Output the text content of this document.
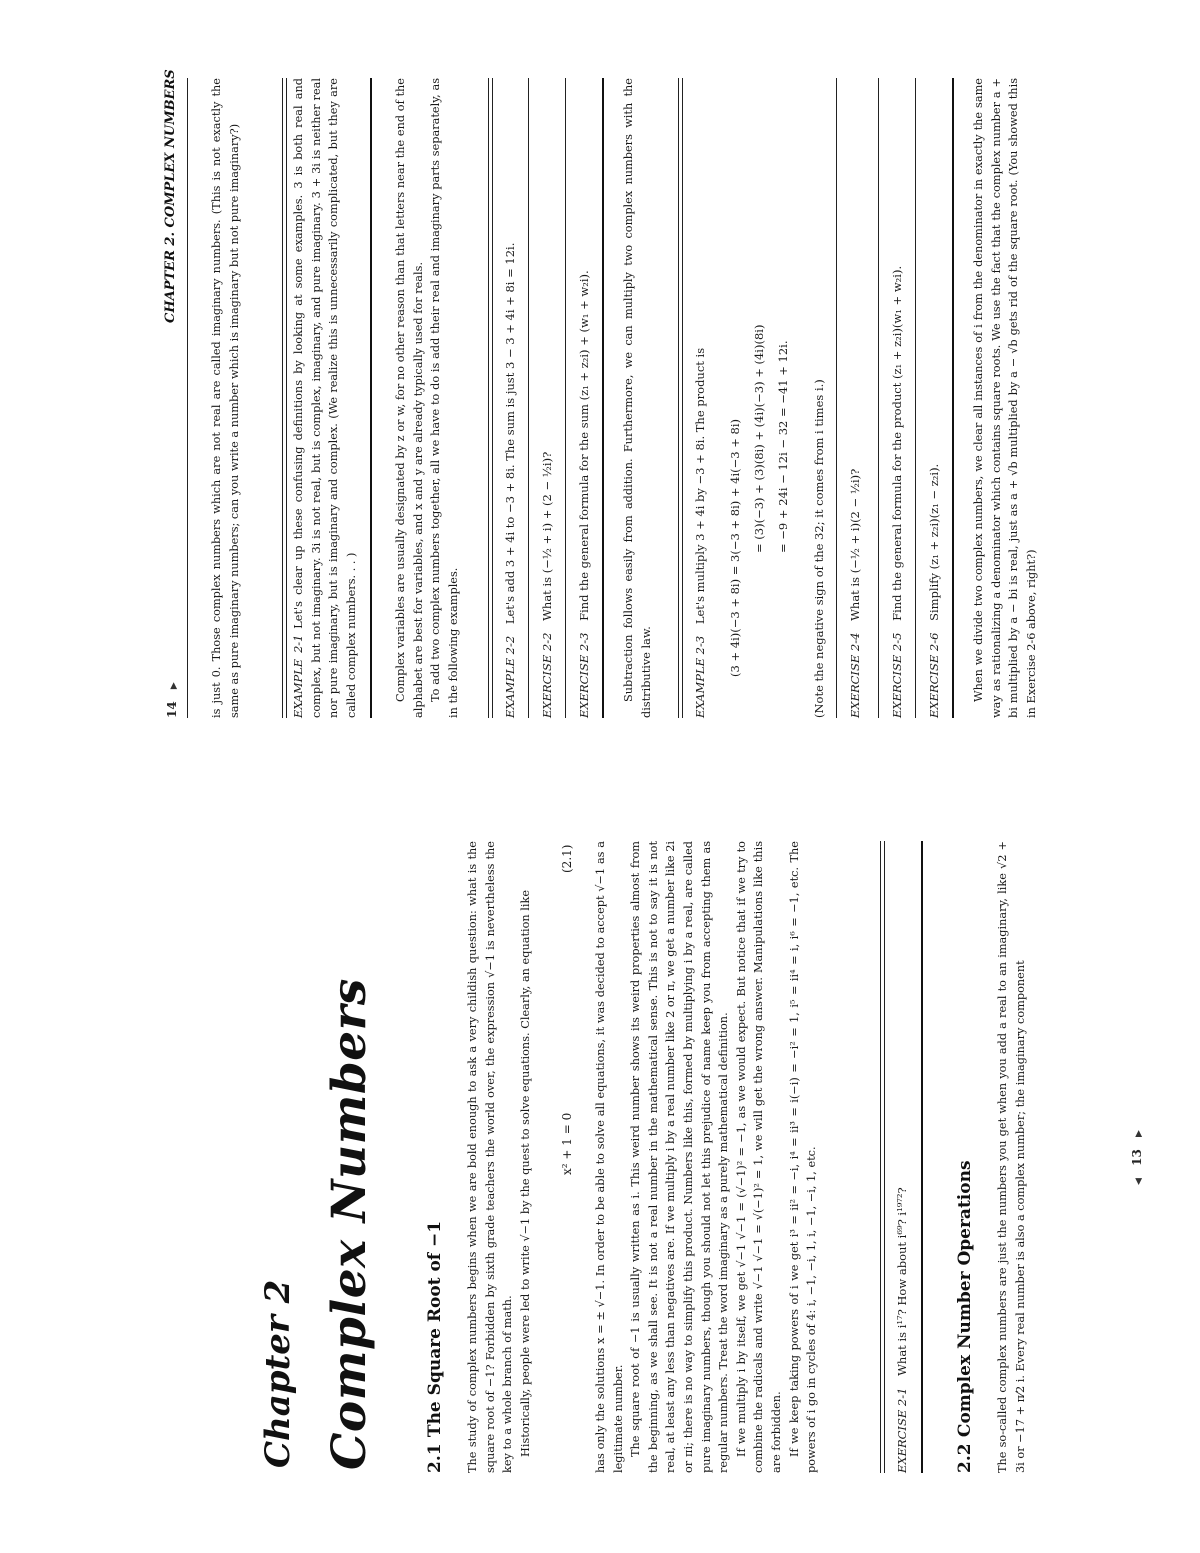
Chapter 2 Complex Numbers	2.1 The Square Root of −1 The study of complex numbers begins when we are bold enough to ask a very childish question: what is the square root of −1? Forbidden by sixth grade teachers the world over, the expression √−1 is nevertheless the key to a whole branch of math. Historically, people were led to write √−1 by the quest to solve equations. Clearly, an equation like x² + 1 = 0
(2.1) has only the solutions x = ± √−1. In order to be able to solve all equations, it was decided to accept √−1 as a legitimate number. The square root of −1 is usually written as i. This weird number shows its weird properties almost from the beginning, as we shall see. It is not a real number in the mathematical sense. This is not to say it is not real, at least any less than negatives are. If we multiply i by a real number like 2 or π, we get a number like 2i or πi; there is no way to simplify this product. Numbers like this, formed by multiplying i by a real, are called pure imaginary numbers, though you should not let this prejudice of name keep you from accepting them as regular numbers. Treat the word imaginary as a purely mathematical definition. If we multiply i by itself, we get √−1 √−1 = (√−1)² = −1, as we would expect. But notice that if we try to combine the radicals and write √−1 √−1 = √(−1)² = 1, we will get the wrong answer. Manipulations like this are forbidden. If we keep taking powers of i we get i³ = ii² = −i, i⁴ = ii³ = i(−i) = −i² = 1, i⁵ = ii⁴ = i, i⁶ = −1, etc. The powers of i go in cycles of 4: i, −1, −i, 1, i, −1, −i, 1, etc.	EXERCISE 2-1 What is i¹⁷? How about i⁶⁹? i¹⁹⁷²?
2.2 Complex Number Operations The so-called complex numbers are just the numbers you get when you add a real to an imaginary, like √2 + 3i or −17 + π⁄2 i. Every real number is also a complex number; the imaginary component	◀ 13 ▶
14 ▶
CHAPTER 2. COMPLEX NUMBERS	is just 0. Those complex numbers which are not real are called imaginary numbers. (This is not exactly the same as pure imaginary numbers; can you write a number which is imaginary but not pure imaginary?)	EXAMPLE 2-1Let's clear up these confusing definitions by looking at some examples. 3 is both real and complex, but not imaginary. 3i is not real, but is complex, imaginary, and pure imaginary. 3 + 3i is neither real nor pure imaginary, but is imaginary and complex. (We realize this is unnecessarily complicated, but they are called complex numbers. . . )	Complex variables are usually designated by z or w, for no other reason than that letters near the end of the alphabet are best for variables, and x and y are already typically used for reals. To add two complex numbers together, all we have to do is add their real and imaginary parts separately, as in the following examples.	EXAMPLE 2-2 Let's add 3 + 4i to −3 + 8i. The sum is just 3 − 3 + 4i + 8i = 12i.
EXERCISE 2-2 What is (−½ + i) + (2 − ½i)?
EXERCISE 2-3 Find the general formula for the sum (z₁ + z₂i) + (w₁ + w₂i).	Subtraction follows easily from addition. Furthermore, we can multiply two complex numbers with the distributive law.	EXAMPLE 2-3 Let's multiply 3 + 4i by −3 + 8i. The product is (3 + 4i)(−3 + 8i) = 3(−3 + 8i) + 4i(−3 + 8i) = (3)(−3) + (3)(8i) + (4i)(−3) + (4i)(8i) = −9 + 24i − 12i − 32 = −41 + 12i. (Note the negative sign of the 32; it comes from i times i.) EXERCISE 2-4 What is (−½ + i)(2 − ½i)?
EXERCISE 2-5 Find the general formula for the product (z₁ + z₂i)(w₁ + w₂i).
EXERCISE 2-6 Simplify (z₁ + z₂i)(z₁ − z₂i).	When we divide two complex numbers, we clear all instances of i from the denominator in exactly the same way as rationalizing a denominator which contains square roots. We use the fact that the complex number a + bi multiplied by a − bi is real, just as a + √b multiplied by a − √b gets rid of the square root. (You showed this in Exercise 2-6 above, right?)
